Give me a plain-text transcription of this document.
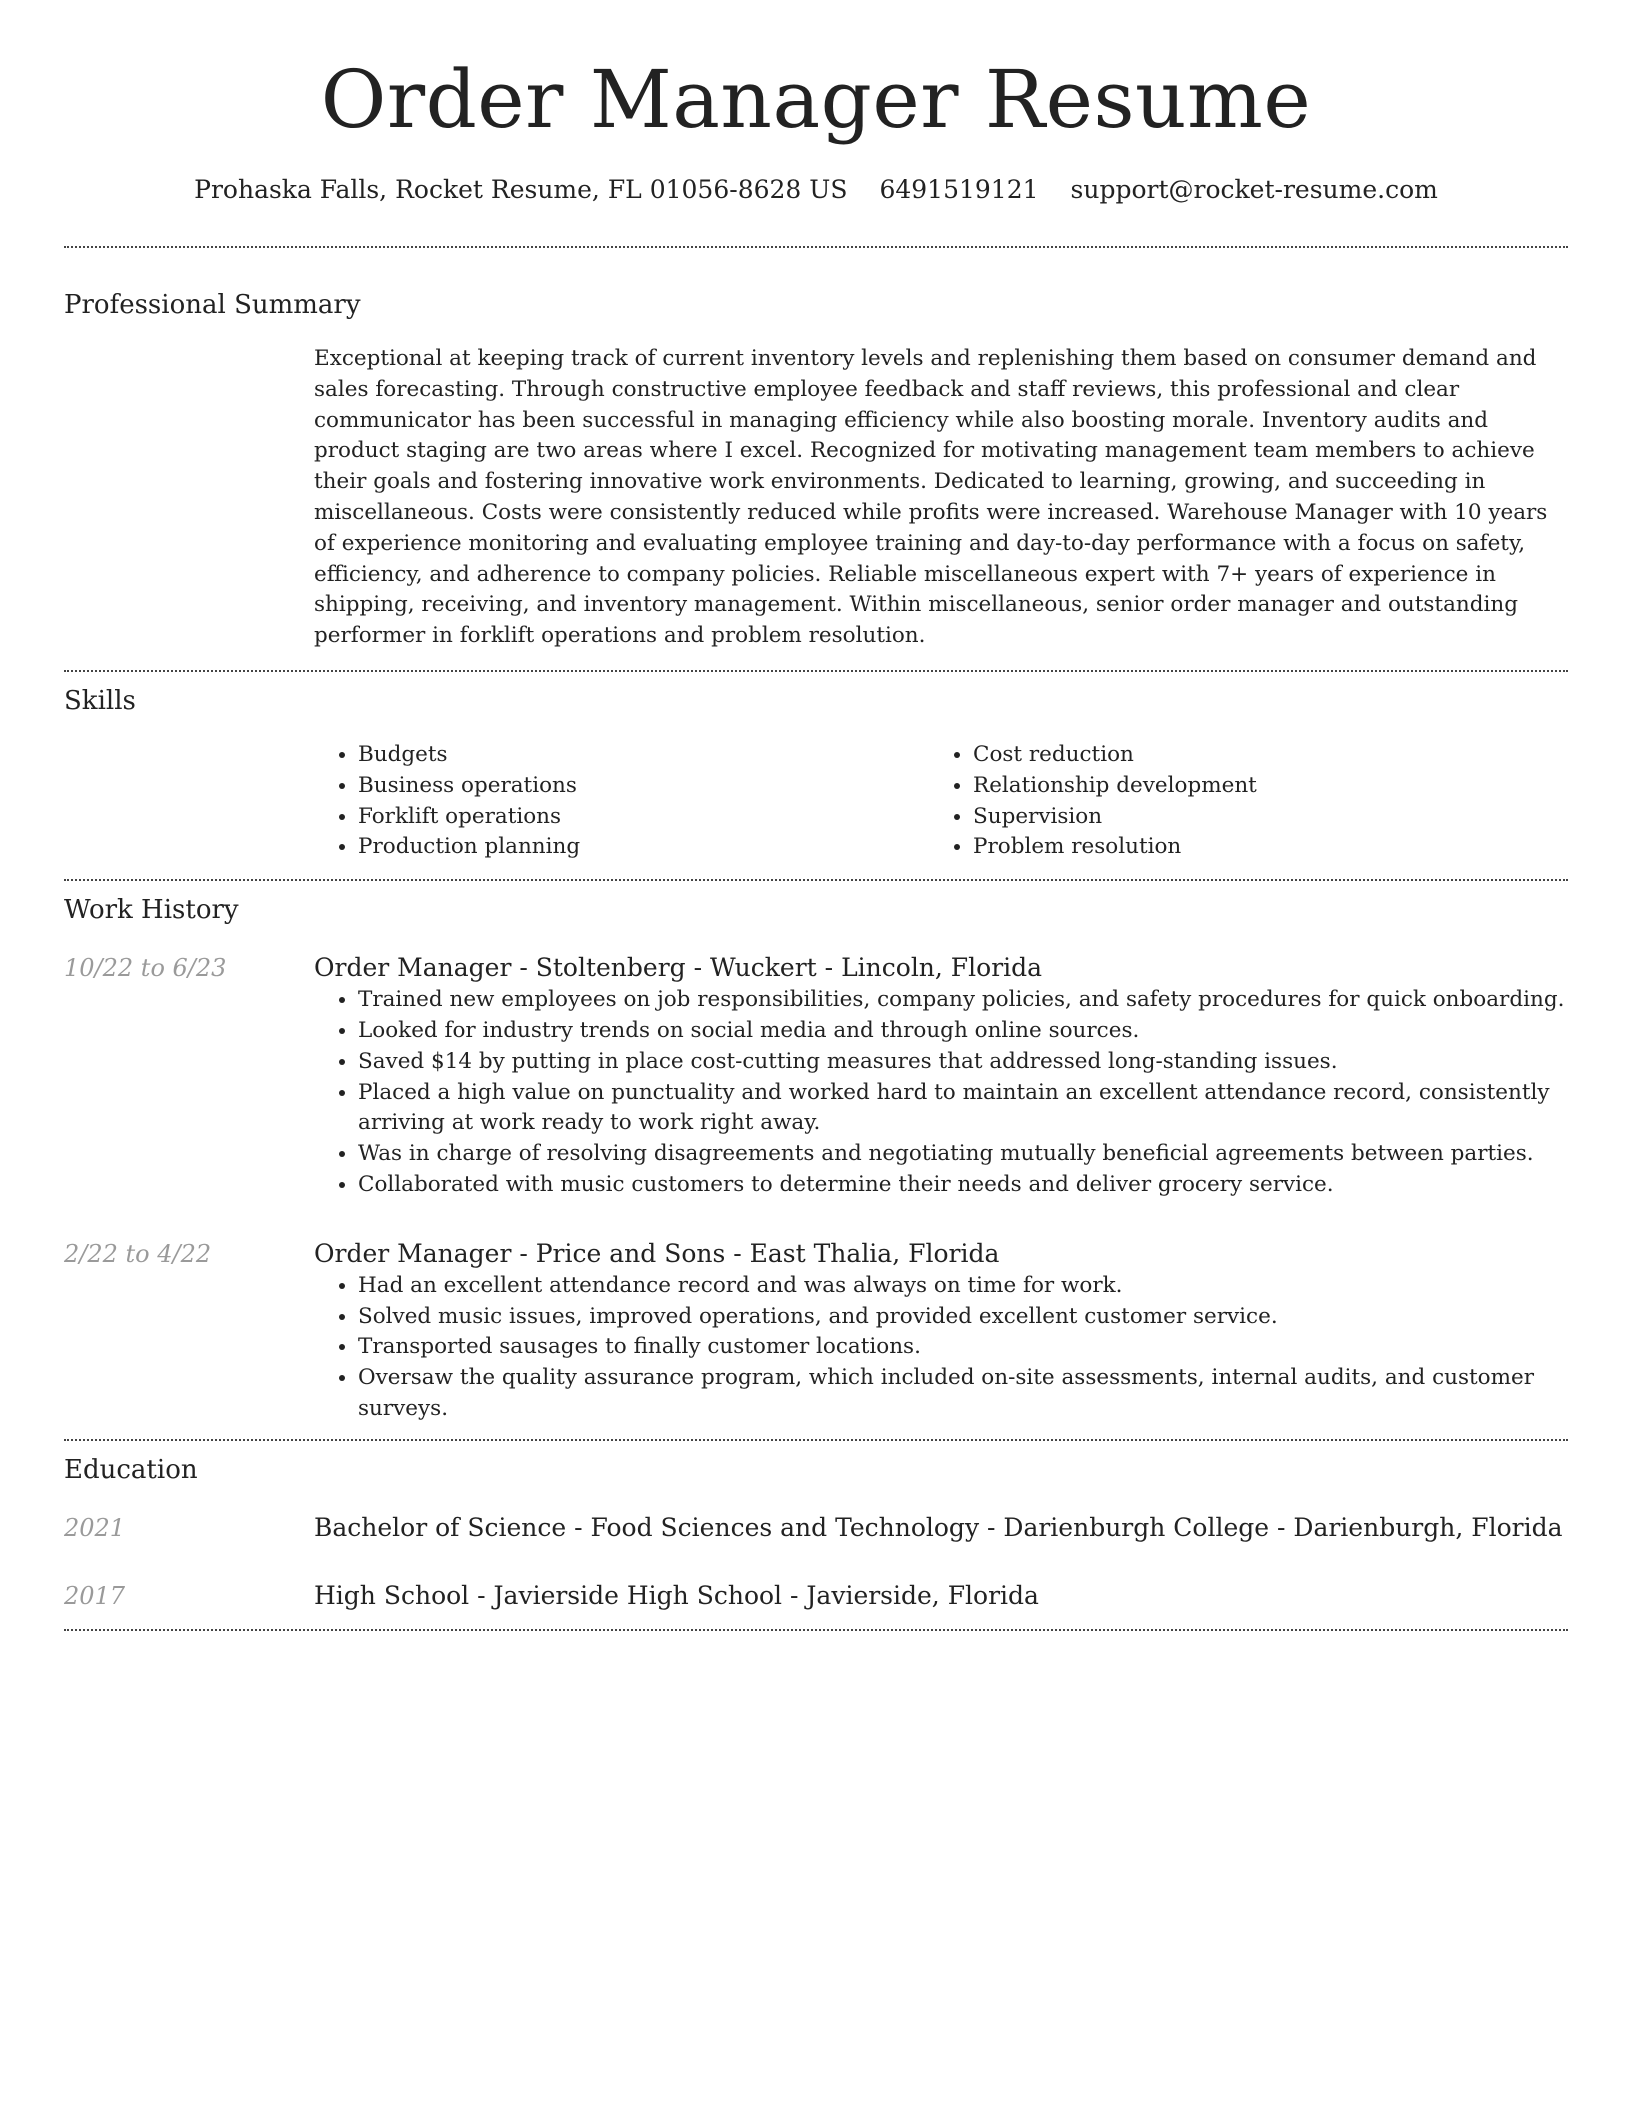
Order Manager Resume
Prohaska Falls, Rocket Resume, FL 01056-8628 US 6491519121 support@rocket-resume.com
Professional Summary
Exceptional at keeping track of current inventory levels and replenishing them based on consumer demand and sales forecasting. Through constructive employee feedback and staff reviews, this professional and clear communicator has been successful in managing efficiency while also boosting morale. Inventory audits and product staging are two areas where I excel. Recognized for motivating management team members to achieve their goals and fostering innovative work environments. Dedicated to learning, growing, and succeeding in miscellaneous. Costs were consistently reduced while profits were increased. Warehouse Manager with 10 years of experience monitoring and evaluating employee training and day-to-day performance with a focus on safety, efficiency, and adherence to company policies. Reliable miscellaneous expert with 7+ years of experience in shipping, receiving, and inventory management. Within miscellaneous, senior order manager and outstanding performer in forklift operations and problem resolution.
Skills
• Budgets
• Business operations
• Forklift operations
• Production planning
• Cost reduction
• Relationship development
• Supervision
• Problem resolution
Work History
10/22 to 6/23	Order Manager - Stoltenberg - Wuckert - Lincoln, Florida
• Trained new employees on job responsibilities, company policies, and safety procedures for quick onboarding.
• Looked for industry trends on social media and through online sources.
• Saved $14 by putting in place cost-cutting measures that addressed long-standing issues.
• Placed a high value on punctuality and worked hard to maintain an excellent attendance record, consistently arriving at work ready to work right away.
• Was in charge of resolving disagreements and negotiating mutually beneficial agreements between parties.
• Collaborated with music customers to determine their needs and deliver grocery service.
2/22 to 4/22	Order Manager - Price and Sons - East Thalia, Florida
• Had an excellent attendance record and was always on time for work.
• Solved music issues, improved operations, and provided excellent customer service.
• Transported sausages to finally customer locations.
• Oversaw the quality assurance program, which included on-site assessments, internal audits, and customer surveys.
Education
2021	Bachelor of Science - Food Sciences and Technology - Darienburgh College - Darienburgh, Florida
2017	High School - Javierside High School - Javierside, Florida
